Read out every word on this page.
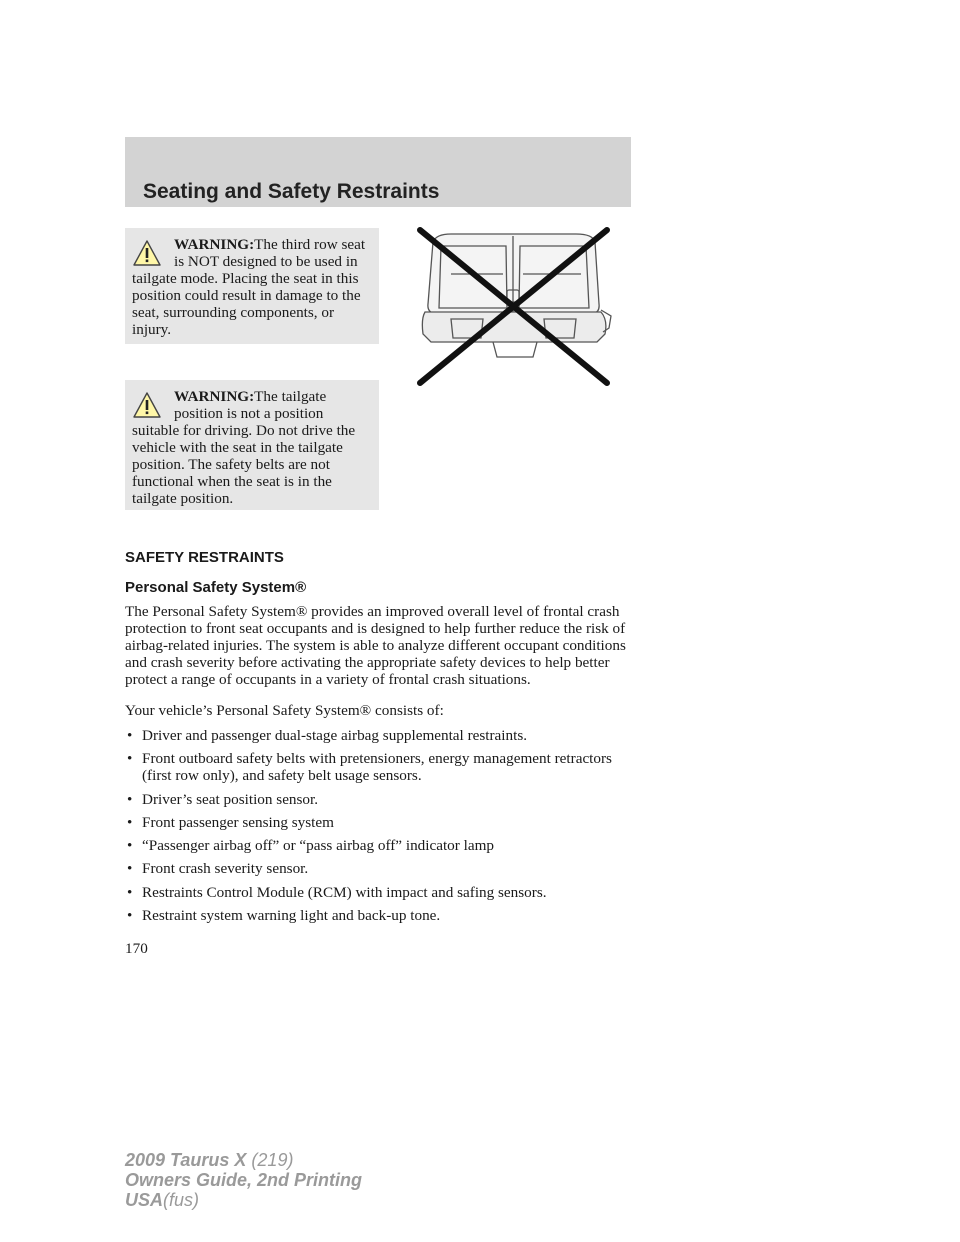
Seating and Safety Restraints
WARNING:The third row seat is NOT designed to be used in tailgate mode. Placing the seat in this position could result in damage to the seat, surrounding components, or injury.
WARNING:The tailgate position is not a position suitable for driving. Do not drive the vehicle with the seat in the tailgate position. The safety belts are not functional when the seat is in the tailgate position.
SAFETY RESTRAINTS
Personal Safety System®

The Personal Safety System® provides an improved overall level of frontal crash protection to front seat occupants and is designed to help further reduce the risk of airbag-related injuries. The system is able to analyze different occupant conditions and crash severity before activating the appropriate safety devices to help better protect a range of occupants in a variety of frontal crash situations.

Your vehicle’s Personal Safety System® consists of:

• Driver and passenger dual-stage airbag supplemental restraints.
• Front outboard safety belts with pretensioners, energy management retractors (first row only), and safety belt usage sensors.
• Driver’s seat position sensor.
• Front passenger sensing system
• “Passenger airbag off” or “pass airbag off” indicator lamp
• Front crash severity sensor.
• Restraints Control Module (RCM) with impact and safing sensors.
• Restraint system warning light and back-up tone.

170

2009 Taurus X (219)
Owners Guide, 2nd Printing
USA(fus)
